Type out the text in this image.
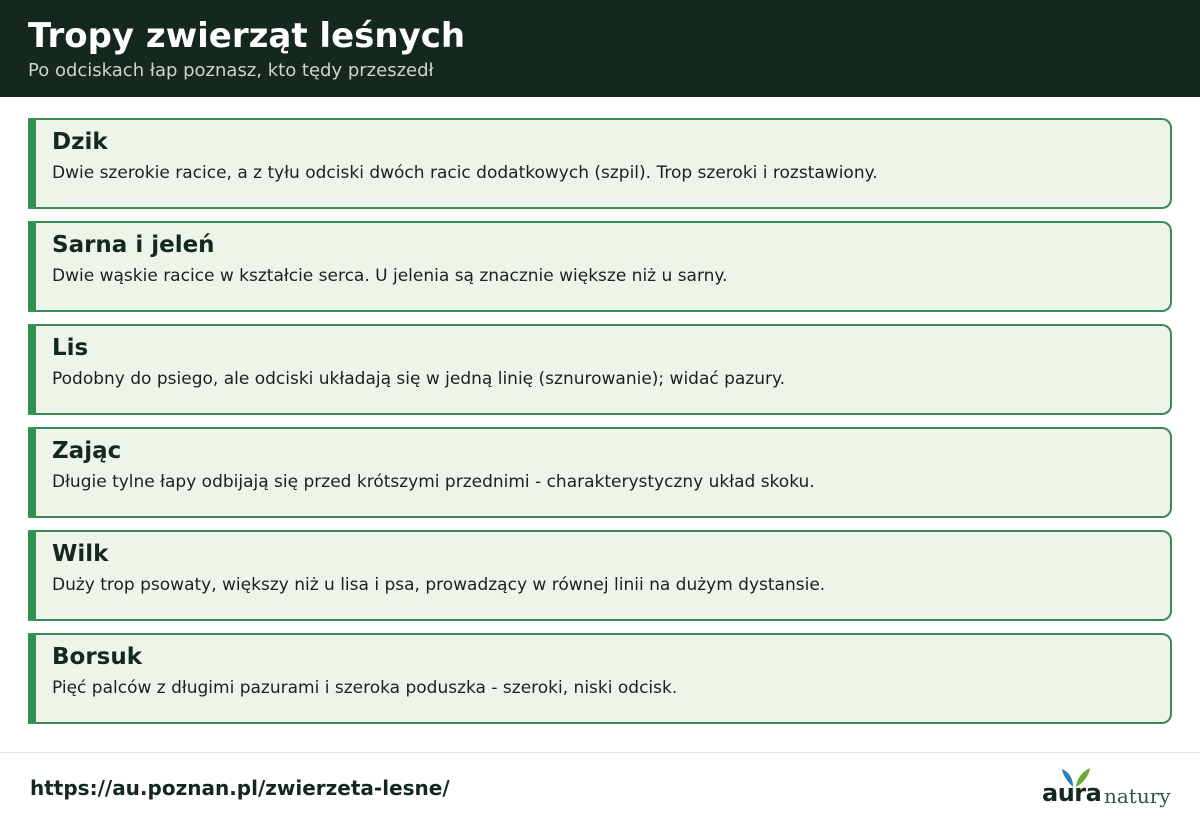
Tropy zwierząt leśnych
Po odciskach łap poznasz, kto tędy przeszedł
Dzik
Dwie szerokie racice, a z tyłu odciski dwóch racic dodatkowych (szpil). Trop szeroki i rozstawiony.
Sarna i jeleń
Dwie wąskie racice w kształcie serca. U jelenia są znacznie większe niż u sarny.
Lis
Podobny do psiego, ale odciski układają się w jedną linię (sznurowanie); widać pazury.
Zając
Długie tylne łapy odbijają się przed krótszymi przednimi - charakterystyczny układ skoku.
Wilk
Duży trop psowaty, większy niż u lisa i psa, prowadzący w równej linii na dużym dystansie.
Borsuk
Pięć palców z długimi pazurami i szeroka poduszka - szeroki, niski odcisk.
https://au.poznan.pl/zwierzeta-lesne/	aura natury
